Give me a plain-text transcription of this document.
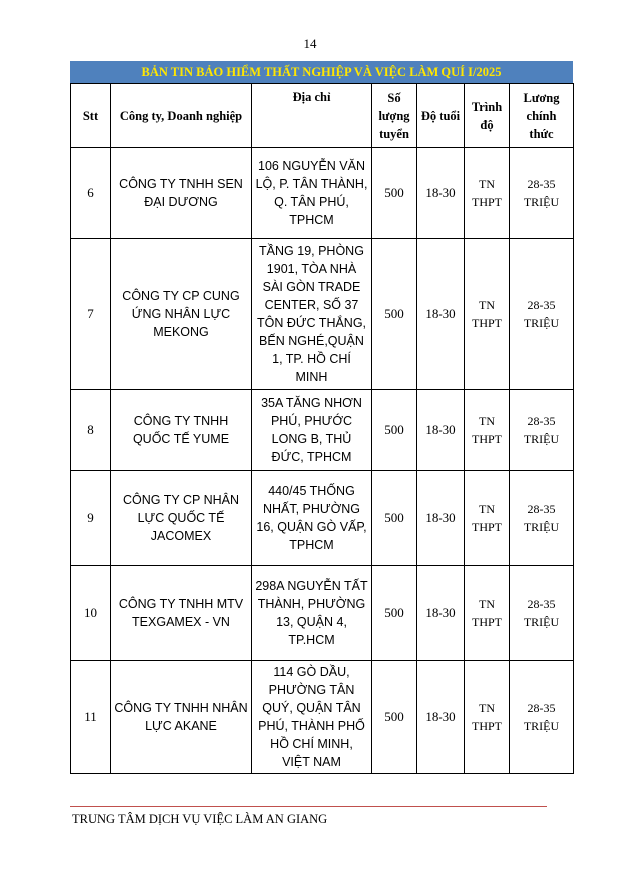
14
BẢN TIN BẢO HIỂM THẤT NGHIỆP VÀ VIỆC LÀM QUÍ I/2025
Stt	Công ty, Doanh nghiệp	Địa chỉ	Số lượng tuyển	Độ tuổi	Trình độ	Lương chính thức
6	CÔNG TY TNHH SEN ĐẠI DƯƠNG	106 NGUYỄN VĂN LỘ, P. TÂN THÀNH, Q. TÂN PHÚ, TPHCM	500	18-30	TN THPT	28-35 TRIỆU
7	CÔNG TY CP CUNG ỨNG NHÂN LỰC MEKONG	TẦNG 19, PHÒNG 1901, TÒA NHÀ SÀI GÒN TRADE CENTER, SỐ 37 TÔN ĐỨC THẮNG, BẾN NGHÉ,QUẬN 1, TP. HỒ CHÍ MINH	500	18-30	TN THPT	28-35 TRIỆU
8	CÔNG TY TNHH QUỐC TẾ YUME	35A TĂNG NHƠN PHÚ, PHƯỚC LONG B, THỦ ĐỨC, TPHCM	500	18-30	TN THPT	28-35 TRIỆU
9	CÔNG TY CP NHÂN LỰC QUỐC TẾ JACOMEX	440/45 THỐNG NHẤT, PHƯỜNG 16, QUẬN GÒ VẤP, TPHCM	500	18-30	TN THPT	28-35 TRIỆU
10	CÔNG TY TNHH MTV TEXGAMEX - VN	298A NGUYỄN TẤT THÀNH, PHƯỜNG 13, QUẬN 4, TP.HCM	500	18-30	TN THPT	28-35 TRIỆU
11	CÔNG TY TNHH NHÂN LỰC AKANE	114 GÒ DẦU, PHƯỜNG TÂN QUÝ, QUẬN TÂN PHÚ, THÀNH PHỐ HỒ CHÍ MINH, VIỆT NAM	500	18-30	TN THPT	28-35 TRIỆU
TRUNG TÂM DỊCH VỤ VIỆC LÀM AN GIANG
